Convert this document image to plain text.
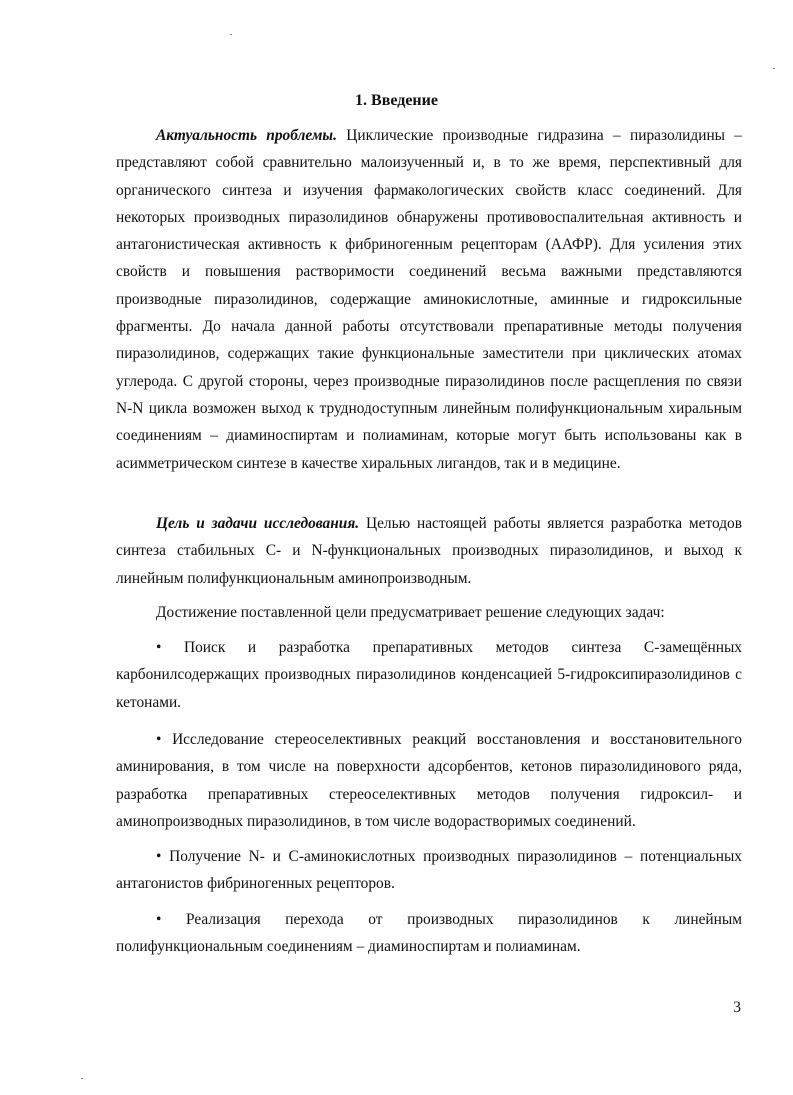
1. Введение

Актуальность проблемы. Циклические производные гидразина – пиразолидины – представляют собой сравнительно малоизученный и, в то же время, перспективный для органического синтеза и изучения фармакологических свойств класс соединений. Для некоторых производных пиразолидинов обнаружены противовоспалительная активность и антагонистическая активность к фибриногенным рецепторам (ААФР). Для усиления этих свойств и повышения растворимости соединений весьма важными представляются производные пиразолидинов, содержащие аминокислотные, аминные и гидроксильные фрагменты. До начала данной работы отсутствовали препаративные методы получения пиразолидинов, содержащих такие функциональные заместители при циклических атомах углерода. С другой стороны, через производные пиразолидинов после расщепления по связи N-N цикла возможен выход к труднодоступным линейным полифункциональным хиральным соединениям – диаминоспиртам и полиаминам, которые могут быть использованы как в асимметрическом синтезе в качестве хиральных лигандов, так и в медицине.

Цель и задачи исследования. Целью настоящей работы является разработка методов синтеза стабильных C- и N-функциональных производных пиразолидинов, и выход к линейным полифункциональным аминопроизводным.

Достижение поставленной цели предусматривает решение следующих задач:

• Поиск и разработка препаративных методов синтеза C-замещённых карбонилсодержащих производных пиразолидинов конденсацией 5-гидроксипиразолидинов с кетонами.

• Исследование стереоселективных реакций восстановления и восстановительного аминирования, в том числе на поверхности адсорбентов, кетонов пиразолидинового ряда, разработка препаративных стереоселективных методов получения гидроксил- и аминопроизводных пиразолидинов, в том числе водорастворимых соединений.

• Получение N- и C-аминокислотных производных пиразолидинов – потенциальных антагонистов фибриногенных рецепторов.

• Реализация перехода от производных пиразолидинов к линейным полифункциональным соединениям – диаминоспиртам и полиаминам.

3
